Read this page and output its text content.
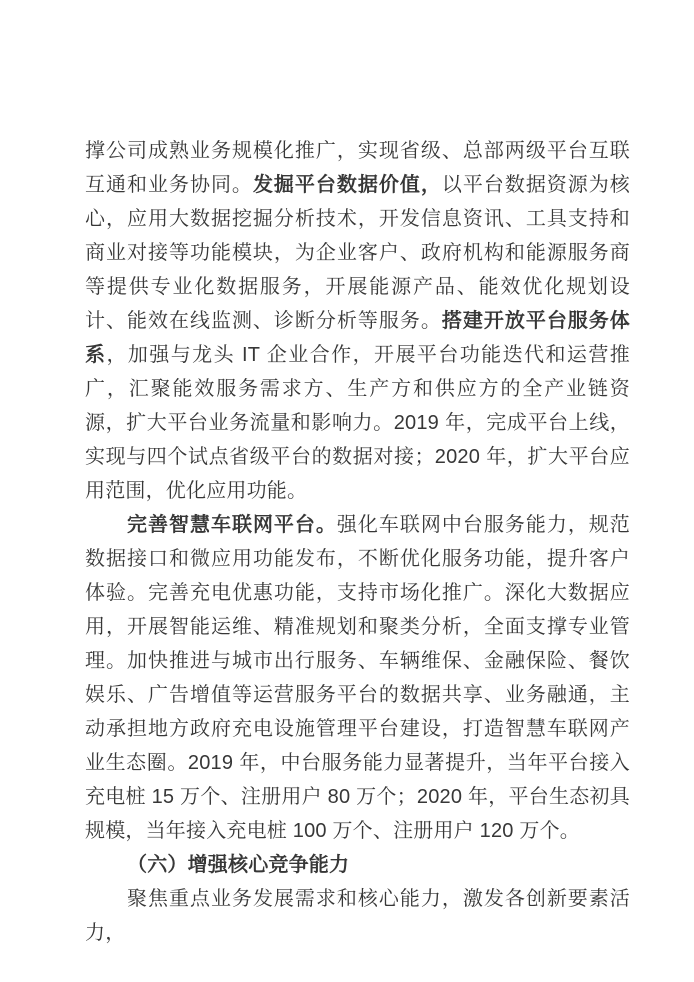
撑公司成熟业务规模化推广，实现省级、总部两级平台互联互通和业务协同。发掘平台数据价值，以平台数据资源为核心，应用大数据挖掘分析技术，开发信息资讯、工具支持和商业对接等功能模块，为企业客户、政府机构和能源服务商等提供专业化数据服务，开展能源产品、能效优化规划设计、能效在线监测、诊断分析等服务。搭建开放平台服务体系，加强与龙头 IT 企业合作，开展平台功能迭代和运营推广，汇聚能效服务需求方、生产方和供应方的全产业链资源，扩大平台业务流量和影响力。2019 年，完成平台上线，实现与四个试点省级平台的数据对接；2020 年，扩大平台应用范围，优化应用功能。

完善智慧车联网平台。强化车联网中台服务能力，规范数据接口和微应用功能发布，不断优化服务功能，提升客户体验。完善充电优惠功能，支持市场化推广。深化大数据应用，开展智能运维、精准规划和聚类分析，全面支撑专业管理。加快推进与城市出行服务、车辆维保、金融保险、餐饮娱乐、广告增值等运营服务平台的数据共享、业务融通，主动承担地方政府充电设施管理平台建设，打造智慧车联网产业生态圈。2019 年，中台服务能力显著提升，当年平台接入充电桩 15 万个、注册用户 80 万个；2020 年，平台生态初具规模，当年接入充电桩 100 万个、注册用户 120 万个。

（六）增强核心竞争能力

聚焦重点业务发展需求和核心能力，激发各创新要素活力，
